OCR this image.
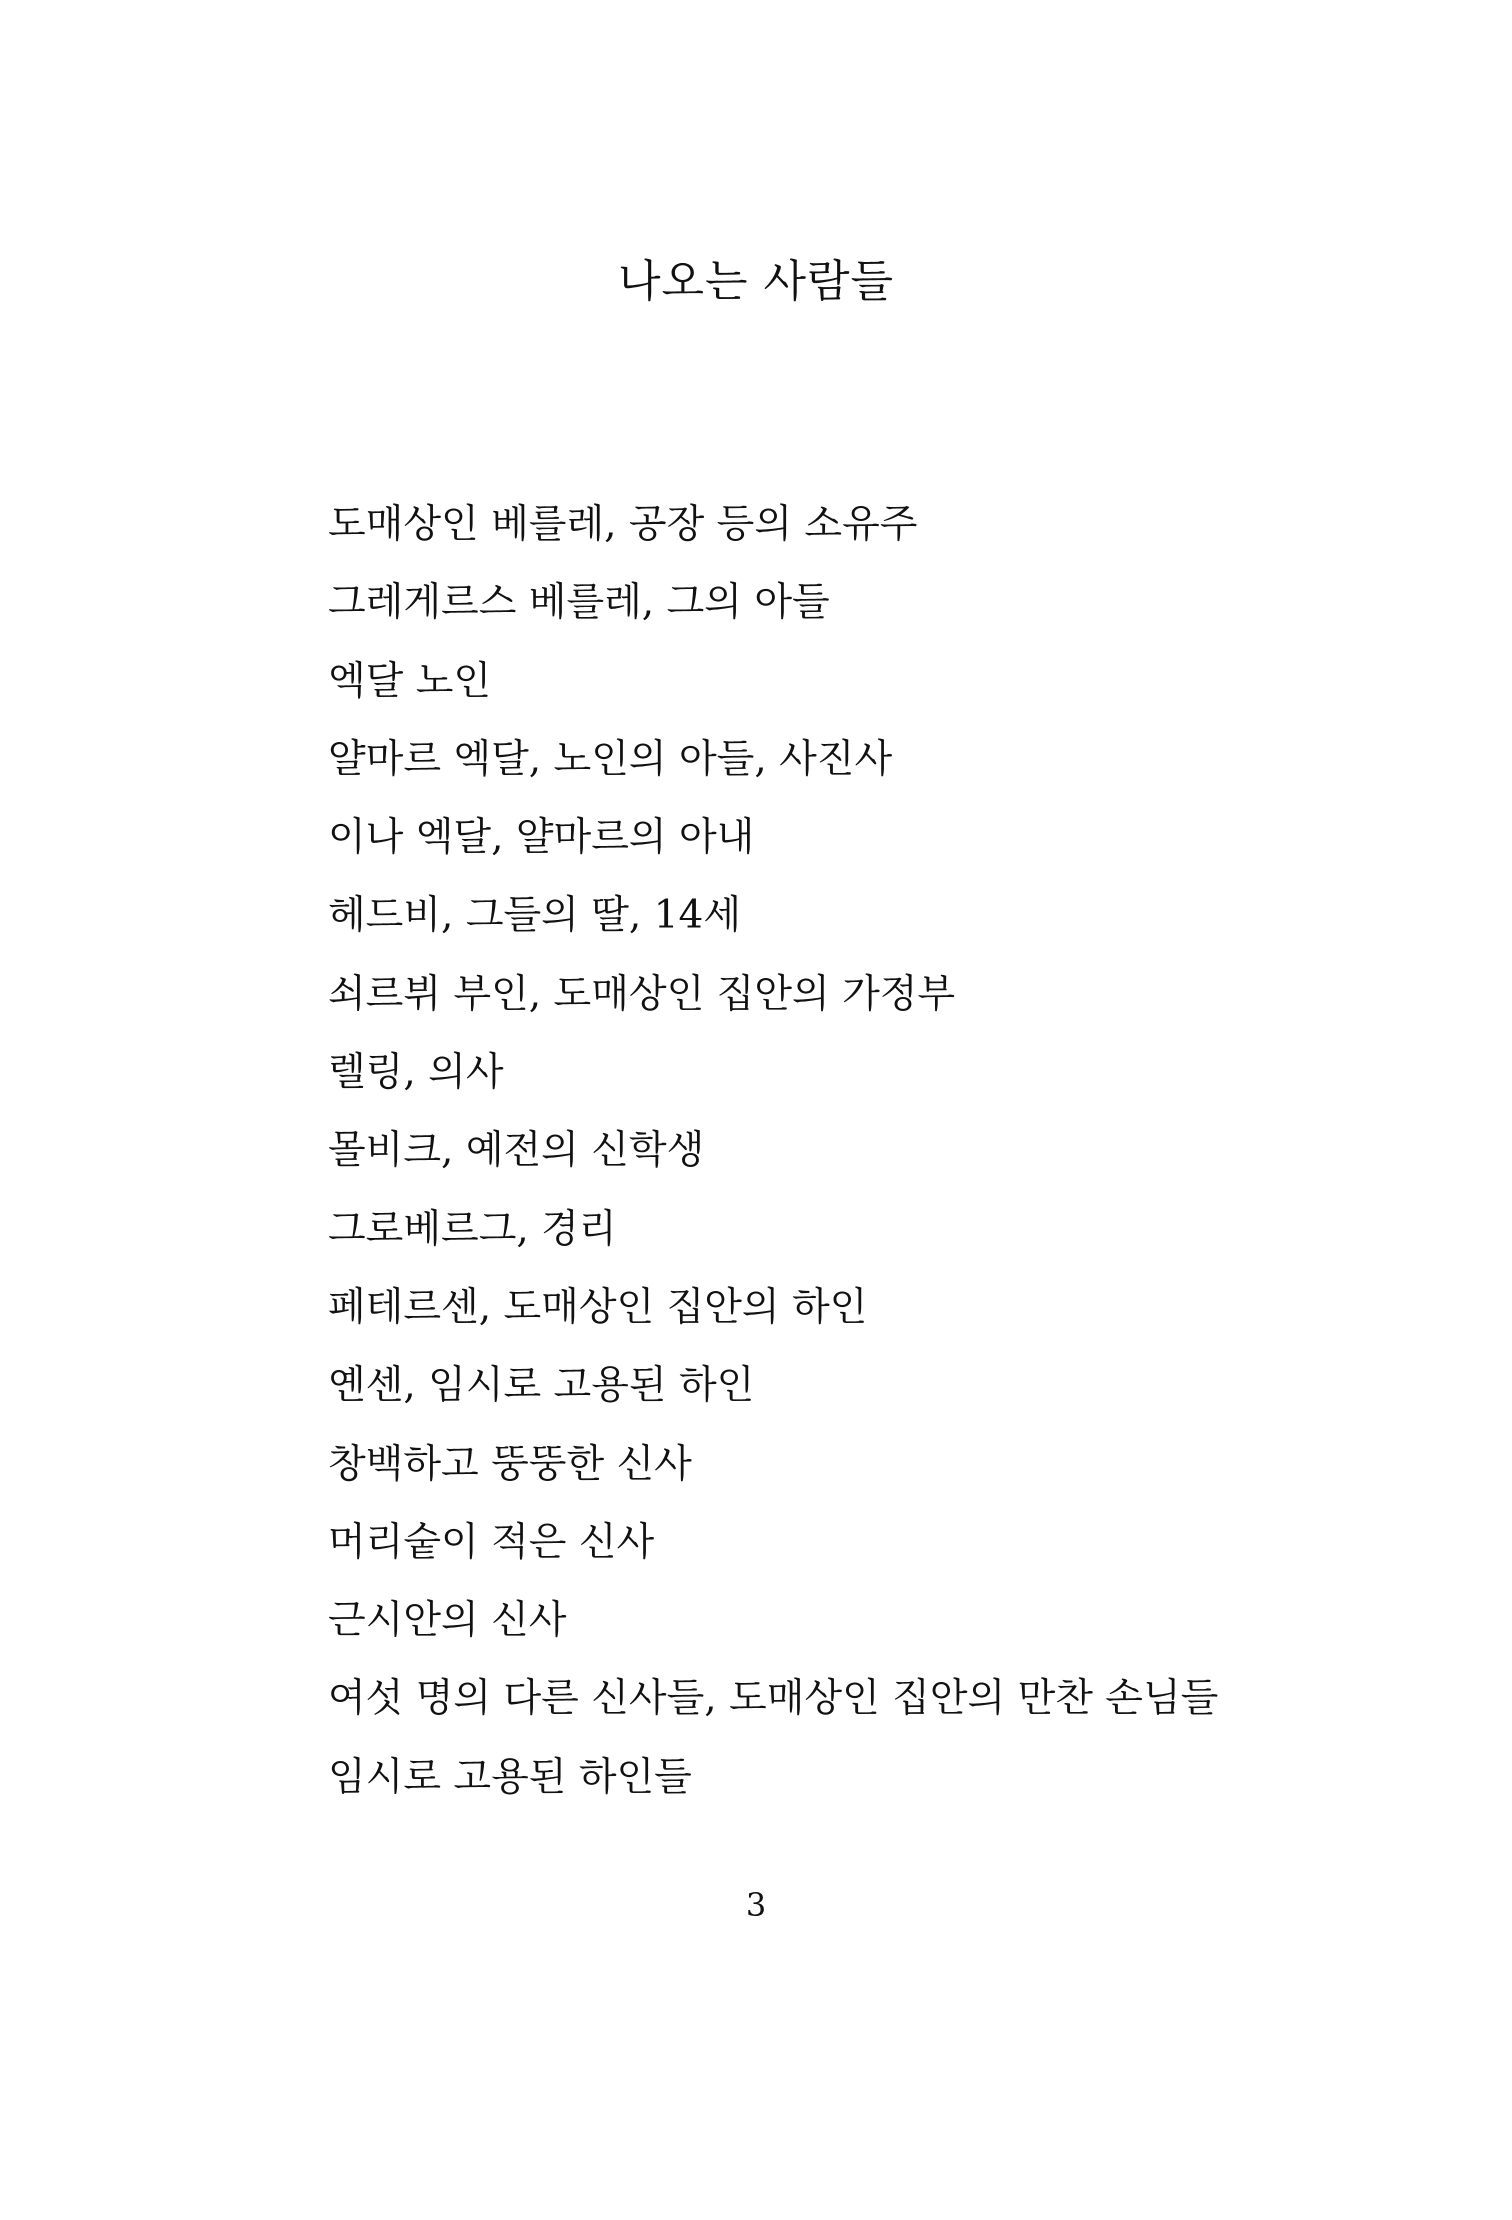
나오는 사람들
도매상인 베를레, 공장 등의 소유주
그레게르스 베를레, 그의 아들
엑달 노인
얄마르 엑달, 노인의 아들, 사진사
이나 엑달, 얄마르의 아내
헤드비, 그들의 딸, 14세
쇠르뷔 부인, 도매상인 집안의 가정부
렐링, 의사
몰비크, 예전의 신학생
그로베르그, 경리
페테르센, 도매상인 집안의 하인
옌센, 임시로 고용된 하인
창백하고 뚱뚱한 신사
머리숱이 적은 신사
근시안의 신사
여섯 명의 다른 신사들, 도매상인 집안의 만찬 손님들
임시로 고용된 하인들
3
